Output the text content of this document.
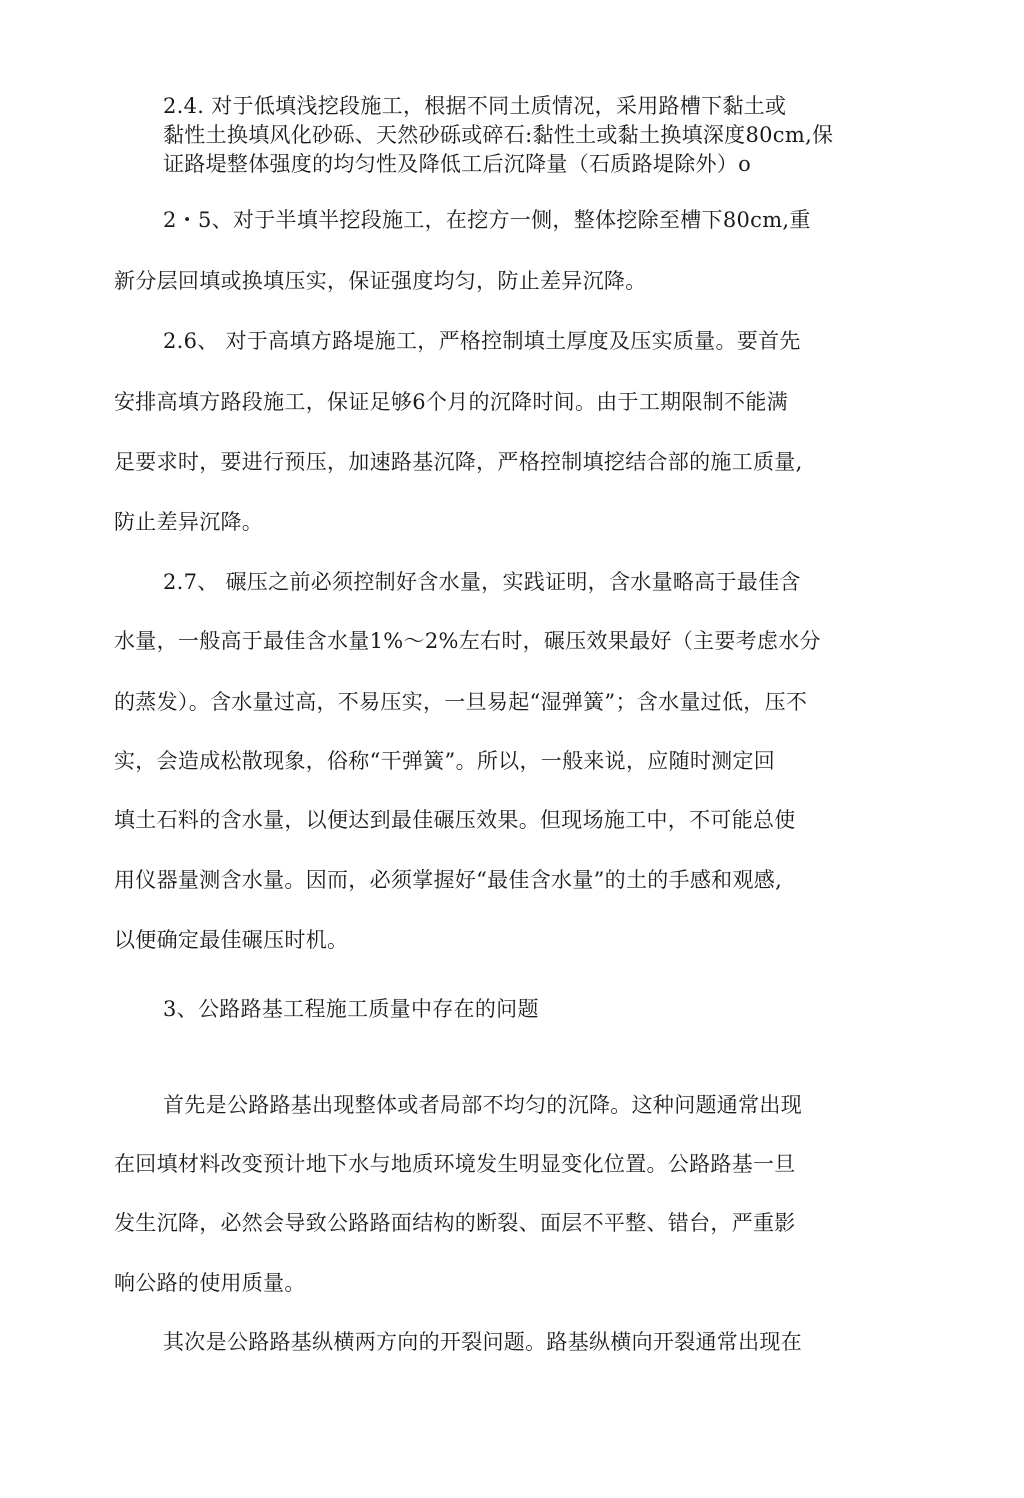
2.4. 对于低填浅挖段施工，根据不同土质情况，采用路槽下黏土或
黏性土换填风化砂砾、天然砂砾或碎石:黏性土或黏土换填深度80cm,保
证路堤整体强度的均匀性及降低工后沉降量（石质路堤除外）o
2・5、对于半填半挖段施工，在挖方一侧，整体挖除至槽下80cm,重
新分层回填或换填压实，保证强度均匀，防止差异沉降。
2.6、 对于高填方路堤施工，严格控制填土厚度及压实质量。要首先
安排高填方路段施工，保证足够6个月的沉降时间。由于工期限制不能满
足要求时，要进行预压，加速路基沉降，严格控制填挖结合部的施工质量,
防止差异沉降。
2.7、 碾压之前必须控制好含水量，实践证明，含水量略高于最佳含
水量，一般高于最佳含水量1%～2%左右时，碾压效果最好（主要考虑水分
的蒸发）。含水量过高，不易压实，一旦易起“湿弹簧”；含水量过低，压不
实，会造成松散现象，俗称“干弹簧”。所以，一般来说，应随时测定回
填土石料的含水量，以便达到最佳碾压效果。但现场施工中，不可能总使
用仪器量测含水量。因而，必须掌握好“最佳含水量”的土的手感和观感,
以便确定最佳碾压时机。
3、公路路基工程施工质量中存在的问题
首先是公路路基出现整体或者局部不均匀的沉降。这种问题通常出现
在回填材料改变预计地下水与地质环境发生明显变化位置。公路路基一旦
发生沉降，必然会导致公路路面结构的断裂、面层不平整、错台，严重影
响公路的使用质量。
其次是公路路基纵横两方向的开裂问题。路基纵横向开裂通常出现在
